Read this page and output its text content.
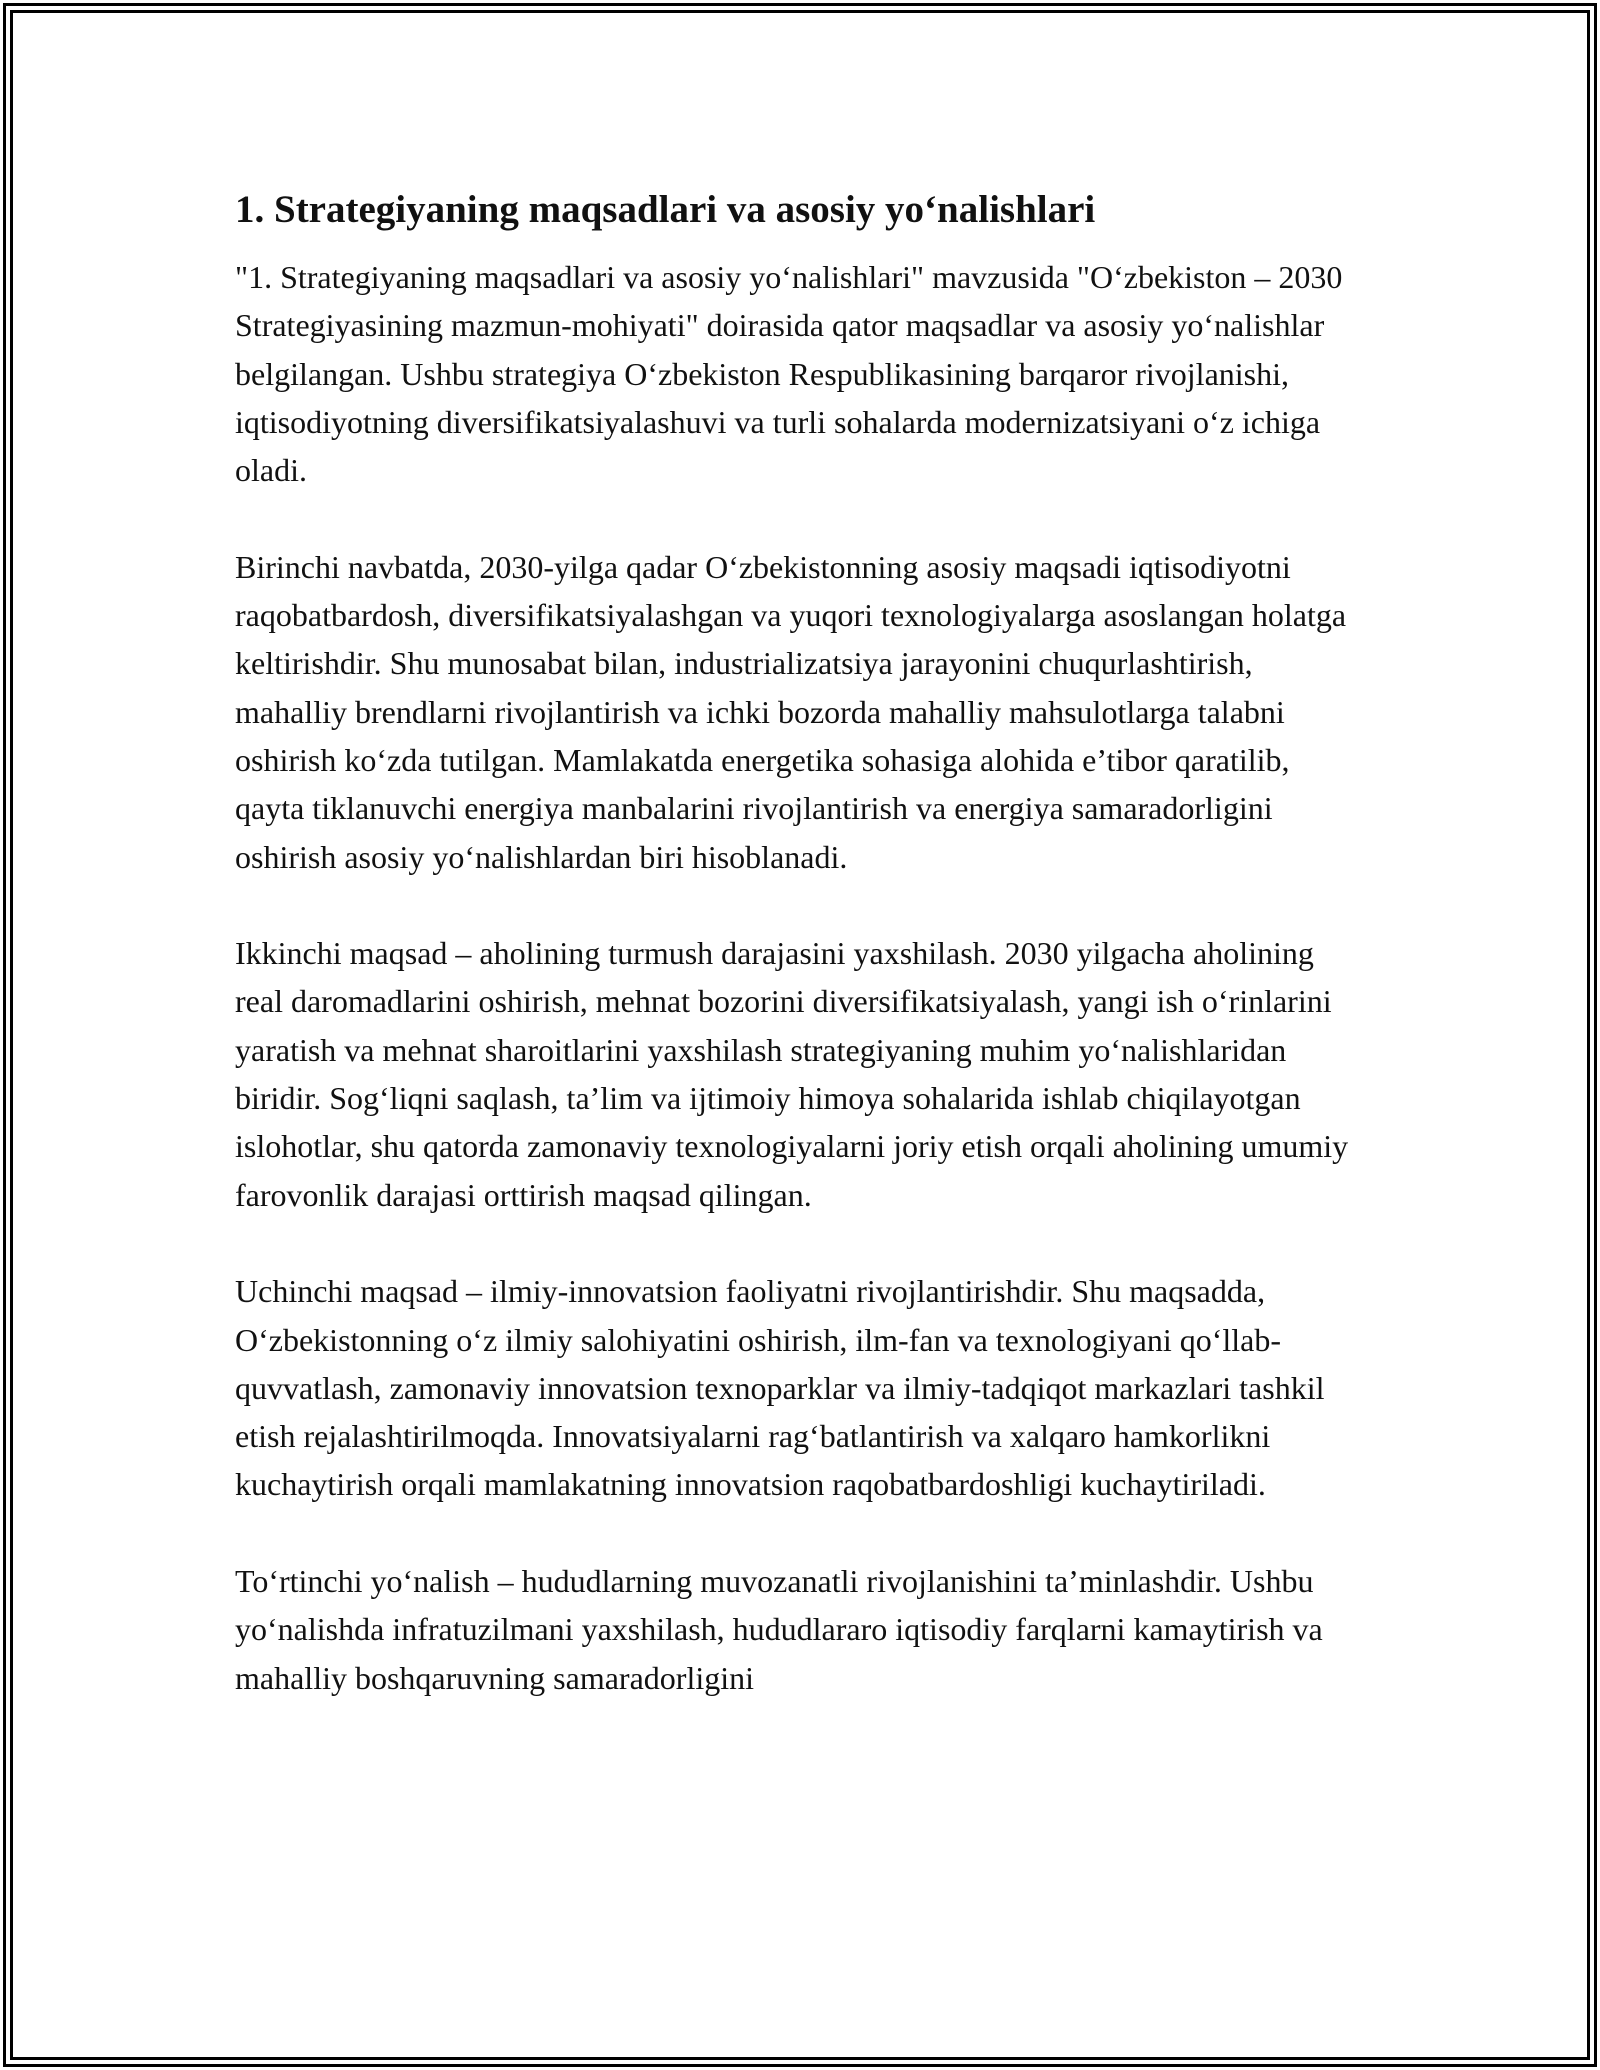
1. Strategiyaning maqsadlari va asosiy yo‘nalishlari

"1. Strategiyaning maqsadlari va asosiy yo‘nalishlari" mavzusida "O‘zbekiston – 2030 Strategiyasining mazmun-mohiyati" doirasida qator maqsadlar va asosiy yo‘nalishlar belgilangan. Ushbu strategiya O‘zbekiston Respublikasining barqaror rivojlanishi, iqtisodiyotning diversifikatsiyalashuvi va turli sohalarda modernizatsiyani o‘z ichiga oladi.

Birinchi navbatda, 2030-yilga qadar O‘zbekistonning asosiy maqsadi iqtisodiyotni raqobatbardosh, diversifikatsiyalashgan va yuqori texnologiyalarga asoslangan holatga keltirishdir. Shu munosabat bilan, industrializatsiya jarayonini chuqurlashtirish, mahalliy brendlarni rivojlantirish va ichki bozorda mahalliy mahsulotlarga talabni oshirish ko‘zda tutilgan. Mamlakatda energetika sohasiga alohida e’tibor qaratilib, qayta tiklanuvchi energiya manbalarini rivojlantirish va energiya samaradorligini oshirish asosiy yo‘nalishlardan biri hisoblanadi.

Ikkinchi maqsad – aholining turmush darajasini yaxshilash. 2030 yilgacha aholining real daromadlarini oshirish, mehnat bozorini diversifikatsiyalash, yangi ish o‘rinlarini yaratish va mehnat sharoitlarini yaxshilash strategiyaning muhim yo‘nalishlaridan biridir. Sog‘liqni saqlash, ta’lim va ijtimoiy himoya sohalarida ishlab chiqilayotgan islohotlar, shu qatorda zamonaviy texnologiyalarni joriy etish orqali aholining umumiy farovonlik darajasi orttirish maqsad qilingan.

Uchinchi maqsad – ilmiy-innovatsion faoliyatni rivojlantirishdir. Shu maqsadda, O‘zbekistonning o‘z ilmiy salohiyatini oshirish, ilm-fan va texnologiyani qo‘llab-quvvatlash, zamonaviy innovatsion texnoparklar va ilmiy-tadqiqot markazlari tashkil etish rejalashtirilmoqda. Innovatsiyalarni rag‘batlantirish va xalqaro hamkorlikni kuchaytirish orqali mamlakatning innovatsion raqobatbardoshligi kuchaytiriladi.

To‘rtinchi yo‘nalish – hududlarning muvozanatli rivojlanishini ta’minlashdir. Ushbu yo‘nalishda infratuzilmani yaxshilash, hududlararo iqtisodiy farqlarni kamaytirish va mahalliy boshqaruvning samaradorligini
